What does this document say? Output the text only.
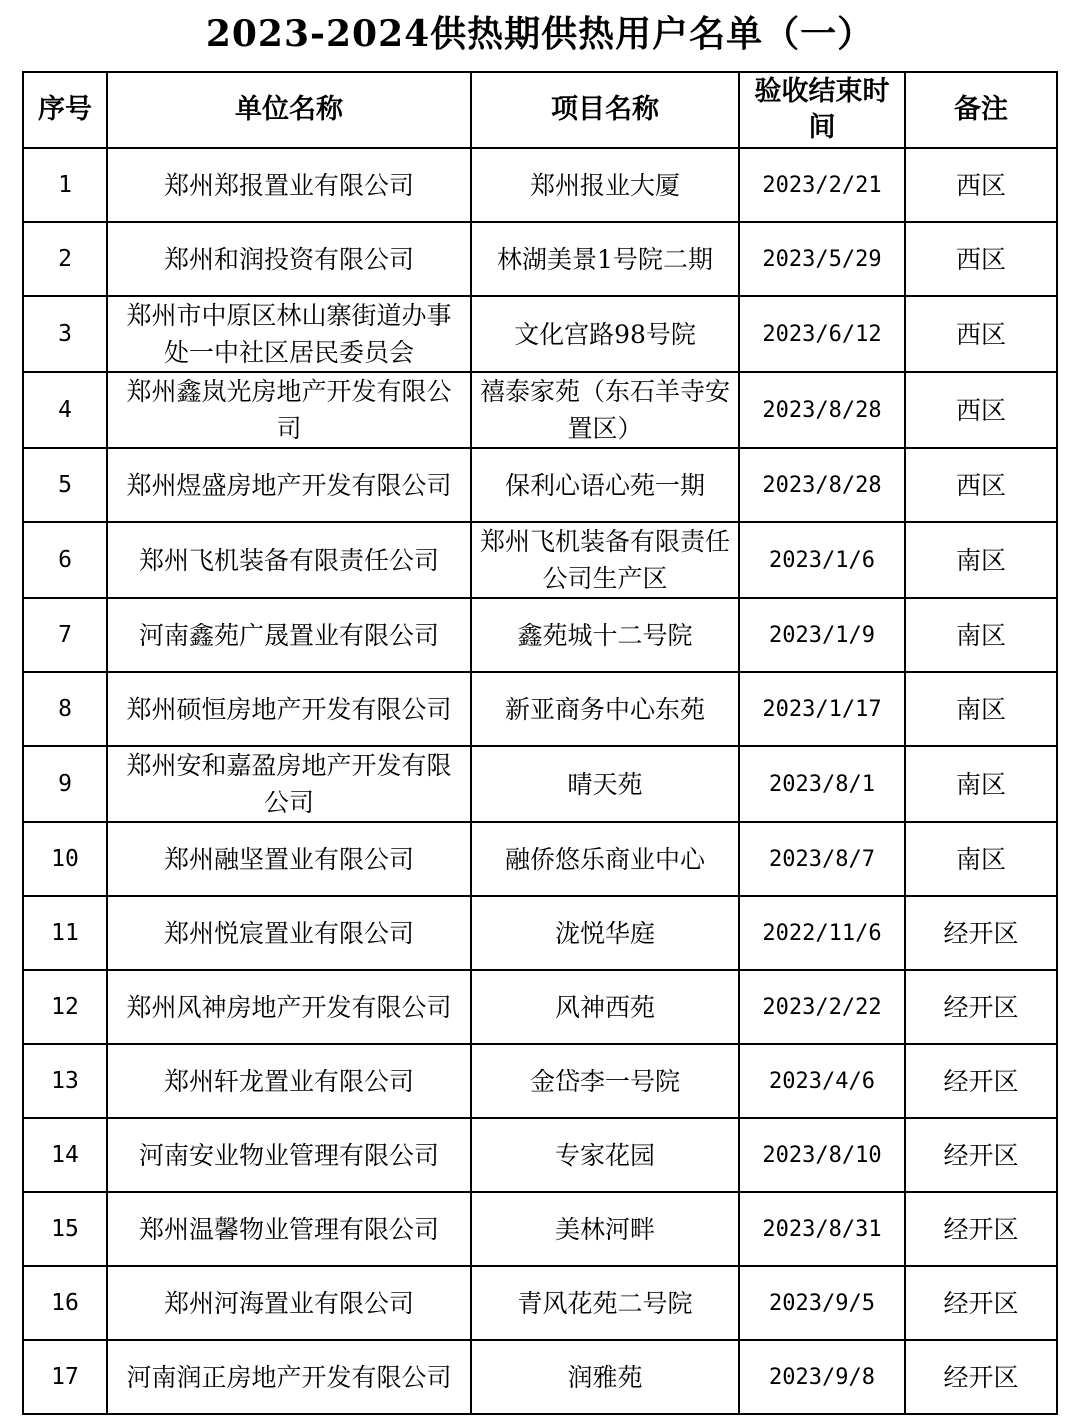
2023-2024供热期供热用户名单（一）
序号	单位名称	项目名称	验收结束时间	备注
1	郑州郑报置业有限公司	郑州报业大厦	2023/2/21	西区
2	郑州和润投资有限公司	林湖美景1号院二期	2023/5/29	西区
3	郑州市中原区林山寨街道办事处一中社区居民委员会	文化宫路98号院	2023/6/12	西区
4	郑州鑫岚光房地产开发有限公司	禧泰家苑（东石羊寺安置区）	2023/8/28	西区
5	郑州煜盛房地产开发有限公司	保利心语心苑一期	2023/8/28	西区
6	郑州飞机装备有限责任公司	郑州飞机装备有限责任公司生产区	2023/1/6	南区
7	河南鑫苑广晟置业有限公司	鑫苑城十二号院	2023/1/9	南区
8	郑州硕恒房地产开发有限公司	新亚商务中心东苑	2023/1/17	南区
9	郑州安和嘉盈房地产开发有限公司	晴天苑	2023/8/1	南区
10	郑州融坚置业有限公司	融侨悠乐商业中心	2023/8/7	南区
11	郑州悦宸置业有限公司	泷悦华庭	2022/11/6	经开区
12	郑州风神房地产开发有限公司	风神西苑	2023/2/22	经开区
13	郑州轩龙置业有限公司	金岱李一号院	2023/4/6	经开区
14	河南安业物业管理有限公司	专家花园	2023/8/10	经开区
15	郑州温馨物业管理有限公司	美林河畔	2023/8/31	经开区
16	郑州河海置业有限公司	青风花苑二号院	2023/9/5	经开区
17	河南润正房地产开发有限公司	润雅苑	2023/9/8	经开区
